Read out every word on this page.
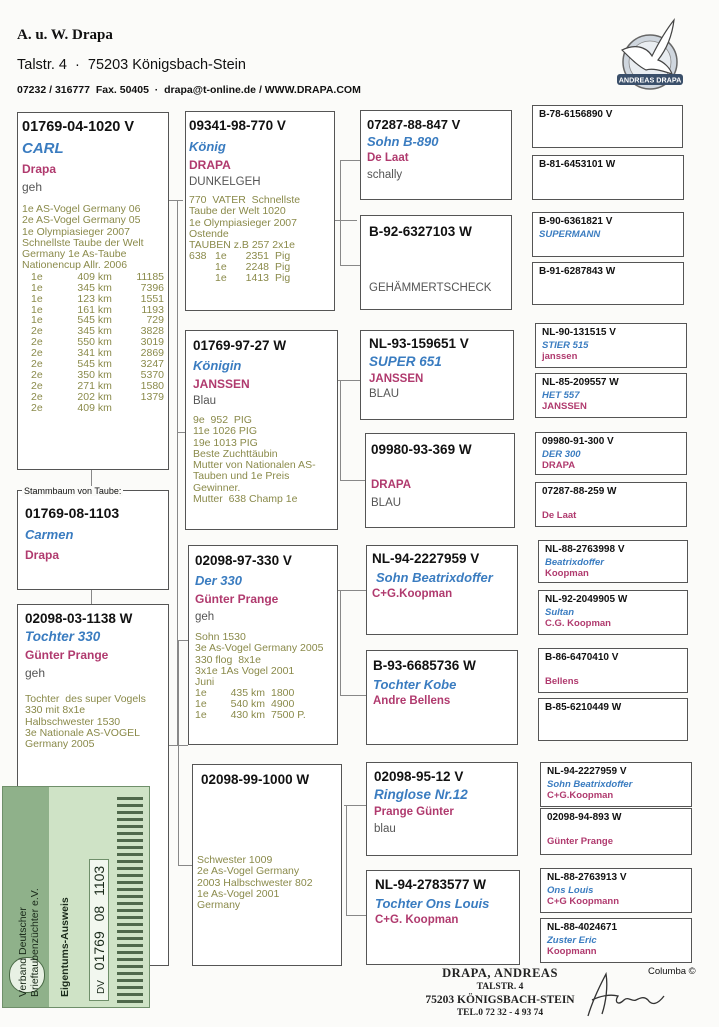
A. u. W. Drapa
Talstr. 4  ·  75203 Königsbach-Stein
07232 / 316777  Fax. 50405  ·  drapa@t-online.de / WWW.DRAPA.COM
ANDREAS DRAPA
01769-04-1020 V
CARL
Drapa
geh
1e AS-Vogel Germany 06
2e AS-Vogel Germany 05
1e Olympiasieger 2007
Schnellste Taube der Welt
Germany 1e As-Taube
Nationencup Allr. 2006
1e	409 km	11185
1e	345 km	7396
1e	123 km	1551
1e	161 km	1193
1e	545 km	729
2e	345 km	3828
2e	550 km	3019
2e	341 km	2869
2e	545 km	3247
2e	350 km	5370
2e	271 km	1580
2e	202 km	1379
2e	409 km	
Stammbaum von Taube:
01769-08-1103
Carmen
Drapa
02098-03-1138 W
Tochter 330
Günter Prange
geh
Tochter  des super Vogels
330 mit 8x1e
Halbschwester 1530
3e Nationale AS-VOGEL
Germany 2005
Verband Deutscher Brieftaubenzüchter e.V. Eigentums-Ausweis	DV 01769 08 1103
09341-98-770 V
König
DRAPA
DUNKELGEH
770  VATER  Schnellste
Taube der Welt 1020
1e Olympiasieger 2007
Ostende
TAUBEN z.B 257 2x1e
638	1e	2351	Pig
	1e	2248	Pig
	1e	1413	Pig
01769-97-27 W
Königin
JANSSEN
Blau
9e  952  PIG
11e 1026 PIG
19e 1013 PIG
Beste Zuchttäubin
Mutter von Nationalen AS-
Tauben und 1e Preis
Gewinner.
Mutter  638 Champ 1e
02098-97-330 V
Der 330
Günter Prange
geh
Sohn 1530
3e As-Vogel Germany 2005
330 flog  8x1e
3x1e 1As Vogel 2001
Juni
1e	435 km	1800
1e	540 km	4900
1e	430 km	7500 P.
02098-99-1000 W
Schwester 1009
2e As-Vogel Germany
2003 Halbschwester 802
1e As-Vogel 2001
Germany
07287-88-847 V
Sohn B-890
De Laat
schally
B-92-6327103 W
GEHÄMMERTSCHECK
NL-93-159651 V
SUPER 651
JANSSEN
BLAU
09980-93-369 W
DRAPA
BLAU
NL-94-2227959 V
Sohn Beatrixdoffer
C+G.Koopman
B-93-6685736 W
Tochter Kobe
Andre Bellens
02098-95-12 V
Ringlose Nr.12
Prange Günter
blau
NL-94-2783577 W
Tochter Ons Louis
C+G. Koopman
B-78-6156890 V
B-81-6453101 W
B-90-6361821 V
SUPERMANN
B-91-6287843 W
NL-90-131515 V
STIER 515
janssen
NL-85-209557 W
HET 557
JANSSEN
09980-91-300 V
DER 300
DRAPA
07287-88-259 W
De Laat
NL-88-2763998 V
Beatrixdoffer
Koopman
NL-92-2049905 W
Sultan
C.G. Koopman
B-86-6470410 V
Bellens
B-85-6210449 W
NL-94-2227959 V
Sohn Beatrixdoffer
C+G.Koopman
02098-94-893 W
Günter Prange
NL-88-2763913 V
Ons Louis
C+G Koopmann
NL-88-4024671
Zuster Eric
Koopmann
DRAPA, ANDREAS
TALSTR. 4
75203 KÖNIGSBACH-STEIN
TEL.0 72 32 - 4 93 74
Columba ©
